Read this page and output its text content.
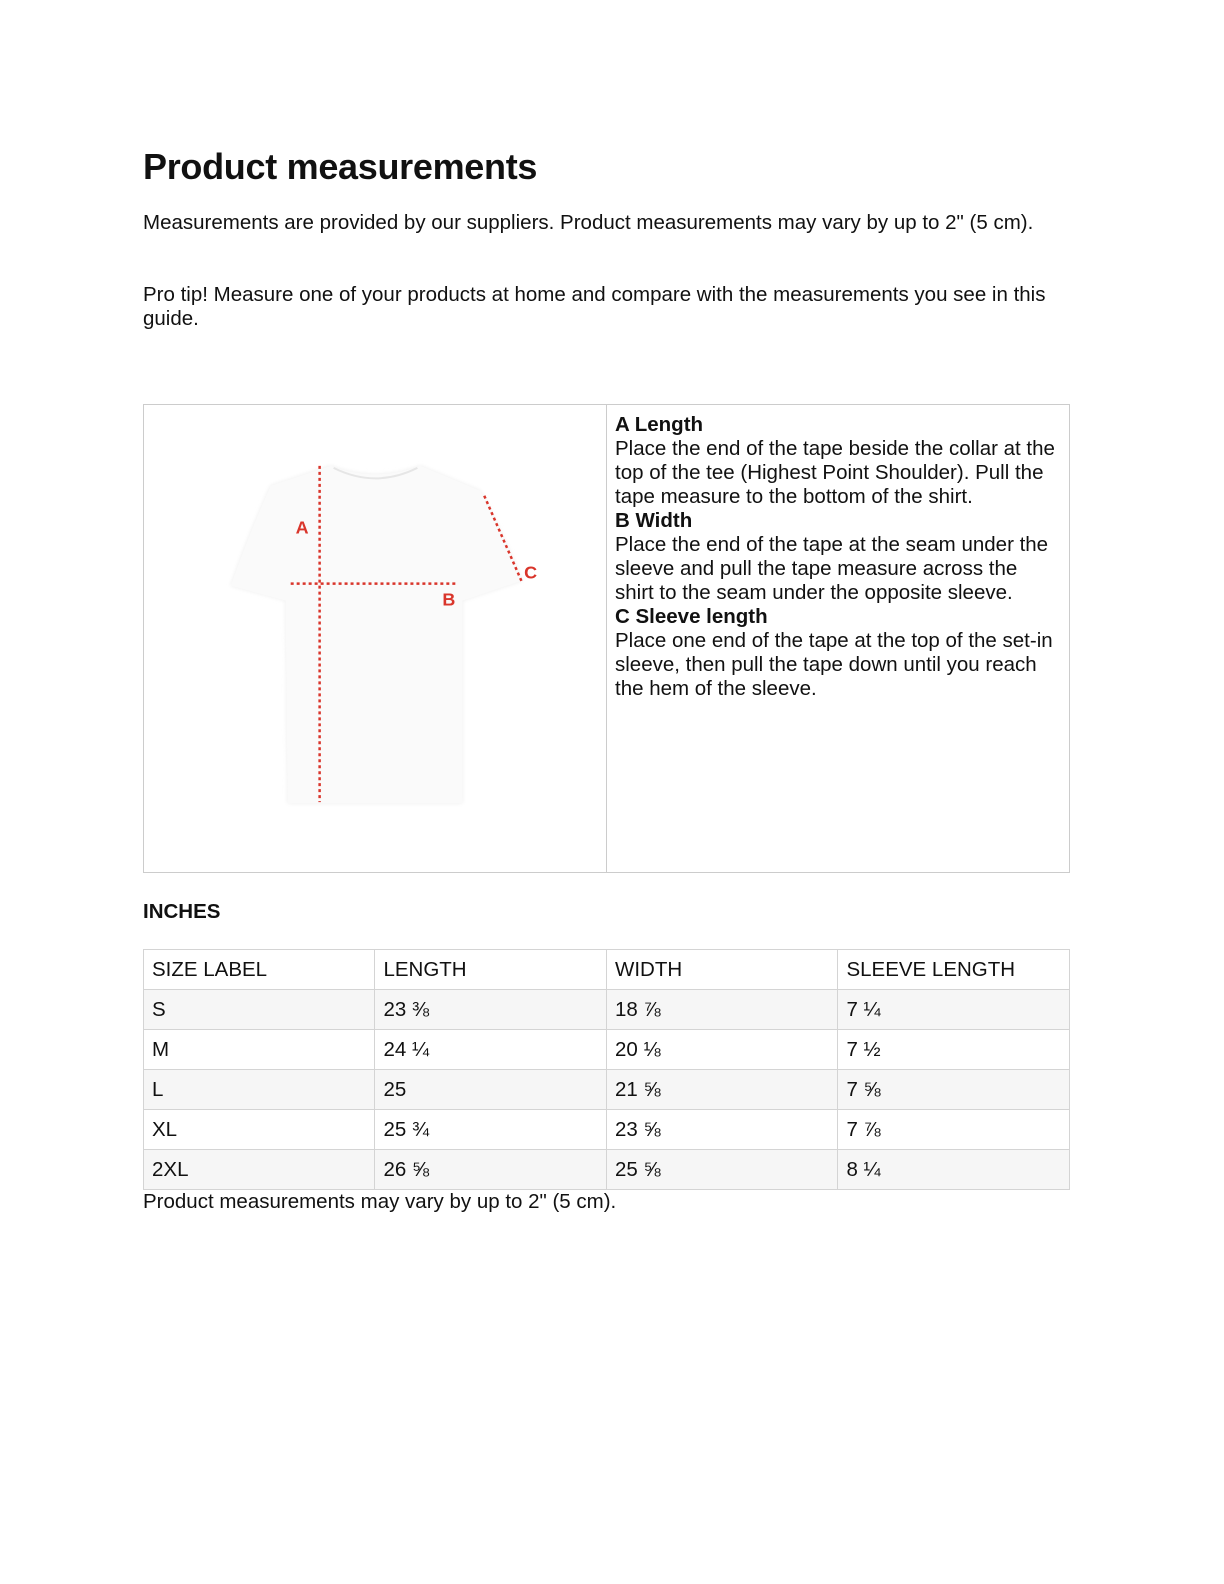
Product measurements

Measurements are provided by our suppliers. Product measurements may vary by up to 2" (5 cm).

Pro tip! Measure one of your products at home and compare with the measurements you see in this guide.

A
B
C
A Length
Place the end of the tape beside the collar at the top of the tee (Highest Point Shoulder). Pull the tape measure to the bottom of the shirt.
B Width
Place the end of the tape at the seam under the sleeve and pull the tape measure across the shirt to the seam under the opposite sleeve.
C Sleeve length
Place one end of the tape at the top of the set-in sleeve, then pull the tape down until you reach the hem of the sleeve.

INCHES

SIZE LABEL	LENGTH	WIDTH	SLEEVE LENGTH
S	23 ⅜	18 ⅞	7 ¼
M	24 ¼	20 ⅛	7 ½
L	25	21 ⅝	7 ⅝
XL	25 ¾	23 ⅝	7 ⅞
2XL	26 ⅝	25 ⅝	8 ¼

Product measurements may vary by up to 2" (5 cm).
